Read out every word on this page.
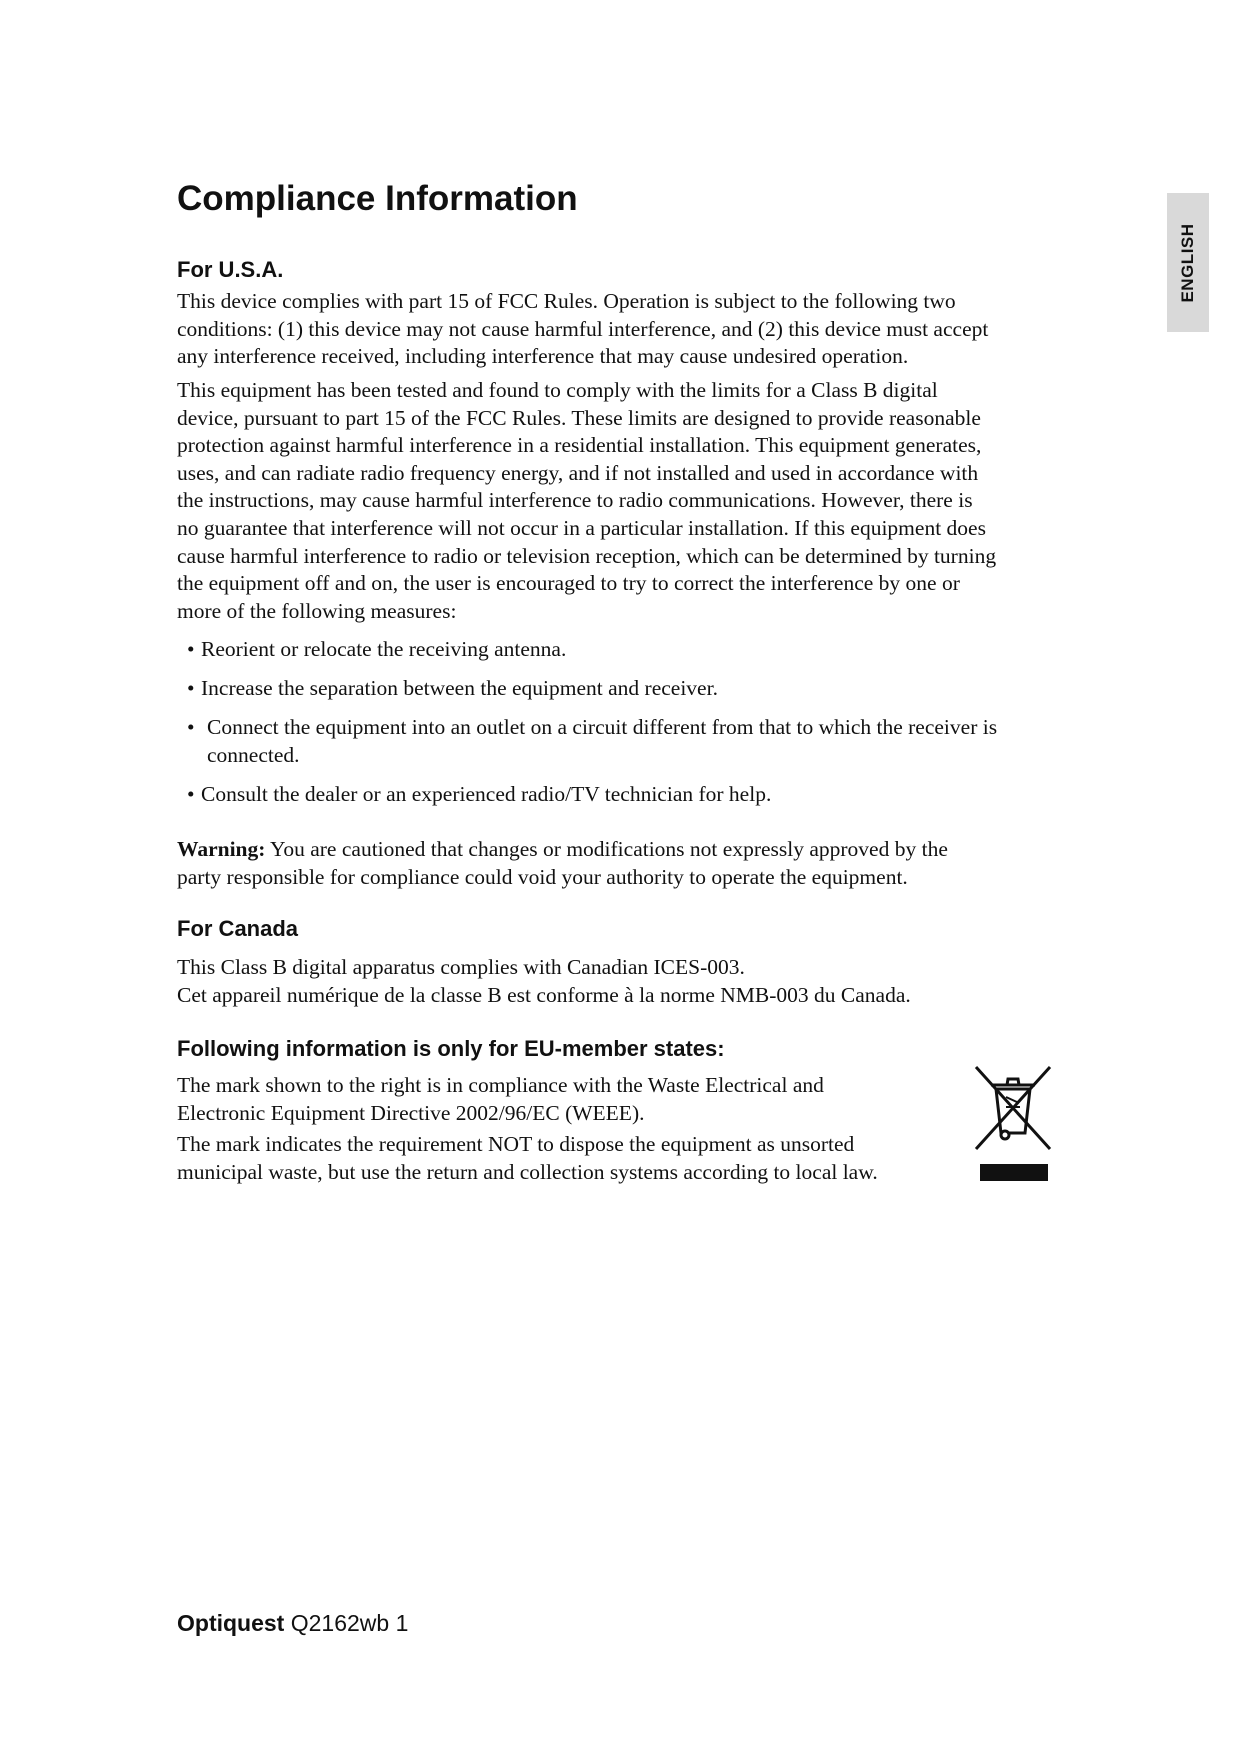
ENGLISH
Compliance Information
For U.S.A.

This device complies with part 15 of FCC Rules. Operation is subject to the following two
conditions: (1) this device may not cause harmful interference, and (2) this device must accept
any interference received, including interference that may cause undesired operation.

This equipment has been tested and found to comply with the limits for a Class B digital
device, pursuant to part 15 of the FCC Rules. These limits are designed to provide reasonable
protection against harmful interference in a residential installation. This equipment generates,
uses, and can radiate radio frequency energy, and if not installed and used in accordance with
the instructions, may cause harmful interference to radio communications. However, there is
no guarantee that interference will not occur in a particular installation. If this equipment does
cause harmful interference to radio or television reception, which can be determined by turning
the equipment off and on, the user is encouraged to try to correct the interference by one or
more of the following measures:

• Reorient or relocate the receiving antenna.
• Increase the separation between the equipment and receiver.
• Connect the equipment into an outlet on a circuit different from that to which the receiver is
connected.
• Consult the dealer or an experienced radio/TV technician for help.

Warning: You are cautioned that changes or modifications not expressly approved by the
party responsible for compliance could void your authority to operate the equipment.

For Canada

This Class B digital apparatus complies with Canadian ICES-003.
Cet appareil numérique de la classe B est conforme à la norme NMB-003 du Canada.

Following information is only for EU-member states:

The mark shown to the right is in compliance with the Waste Electrical and
Electronic Equipment Directive 2002/96/EC (WEEE).

The mark indicates the requirement NOT to dispose the equipment as unsorted
municipal waste, but use the return and collection systems according to local law.

Optiquest Q2162wb 1
